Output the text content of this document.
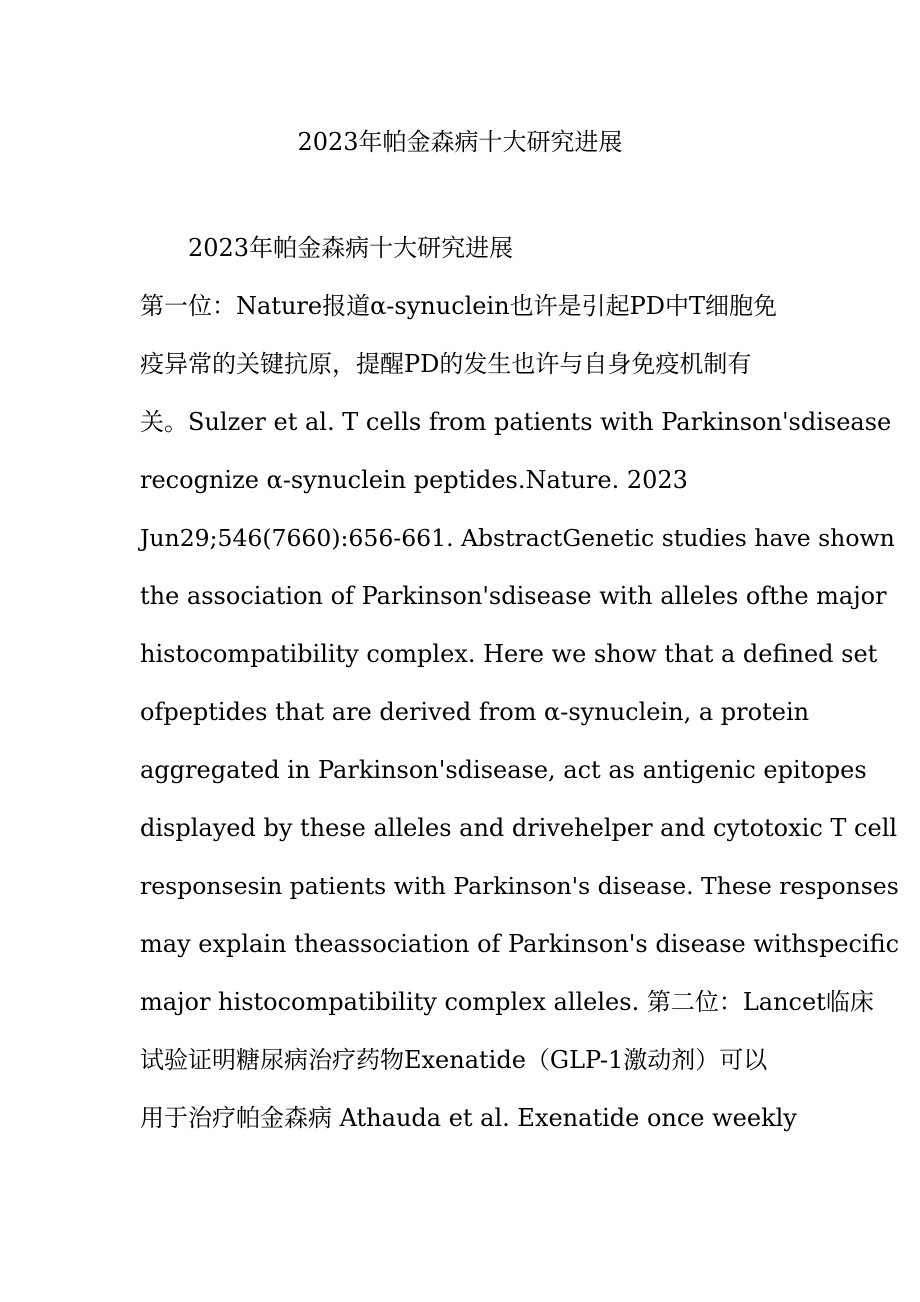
2023年帕金森病十大研究进展
2023年帕金森病十大研究进展
第一位：Nature报道α-synuclein也许是引起PD中T细胞免
疫异常的关键抗原，提醒PD的发生也许与自身免疫机制有
关。Sulzer et al. T cells from patients with Parkinson'sdisease
recognize α-synuclein peptides.Nature. 2023
Jun29;546(7660):656-661. AbstractGenetic studies have shown
the association of Parkinson'sdisease with alleles ofthe major
histocompatibility complex. Here we show that a defined set
ofpeptides that are derived from α-synuclein, a protein
aggregated in Parkinson'sdisease, act as antigenic epitopes
displayed by these alleles and drivehelper and cytotoxic T cell
responsesin patients with Parkinson's disease. These responses
may explain theassociation of Parkinson's disease withspecific
major histocompatibility complex alleles. 第二位：Lancet临床
试验证明糖尿病治疗药物Exenatide（GLP-1激动剂）可以
用于治疗帕金森病 Athauda et al. Exenatide once weekly
